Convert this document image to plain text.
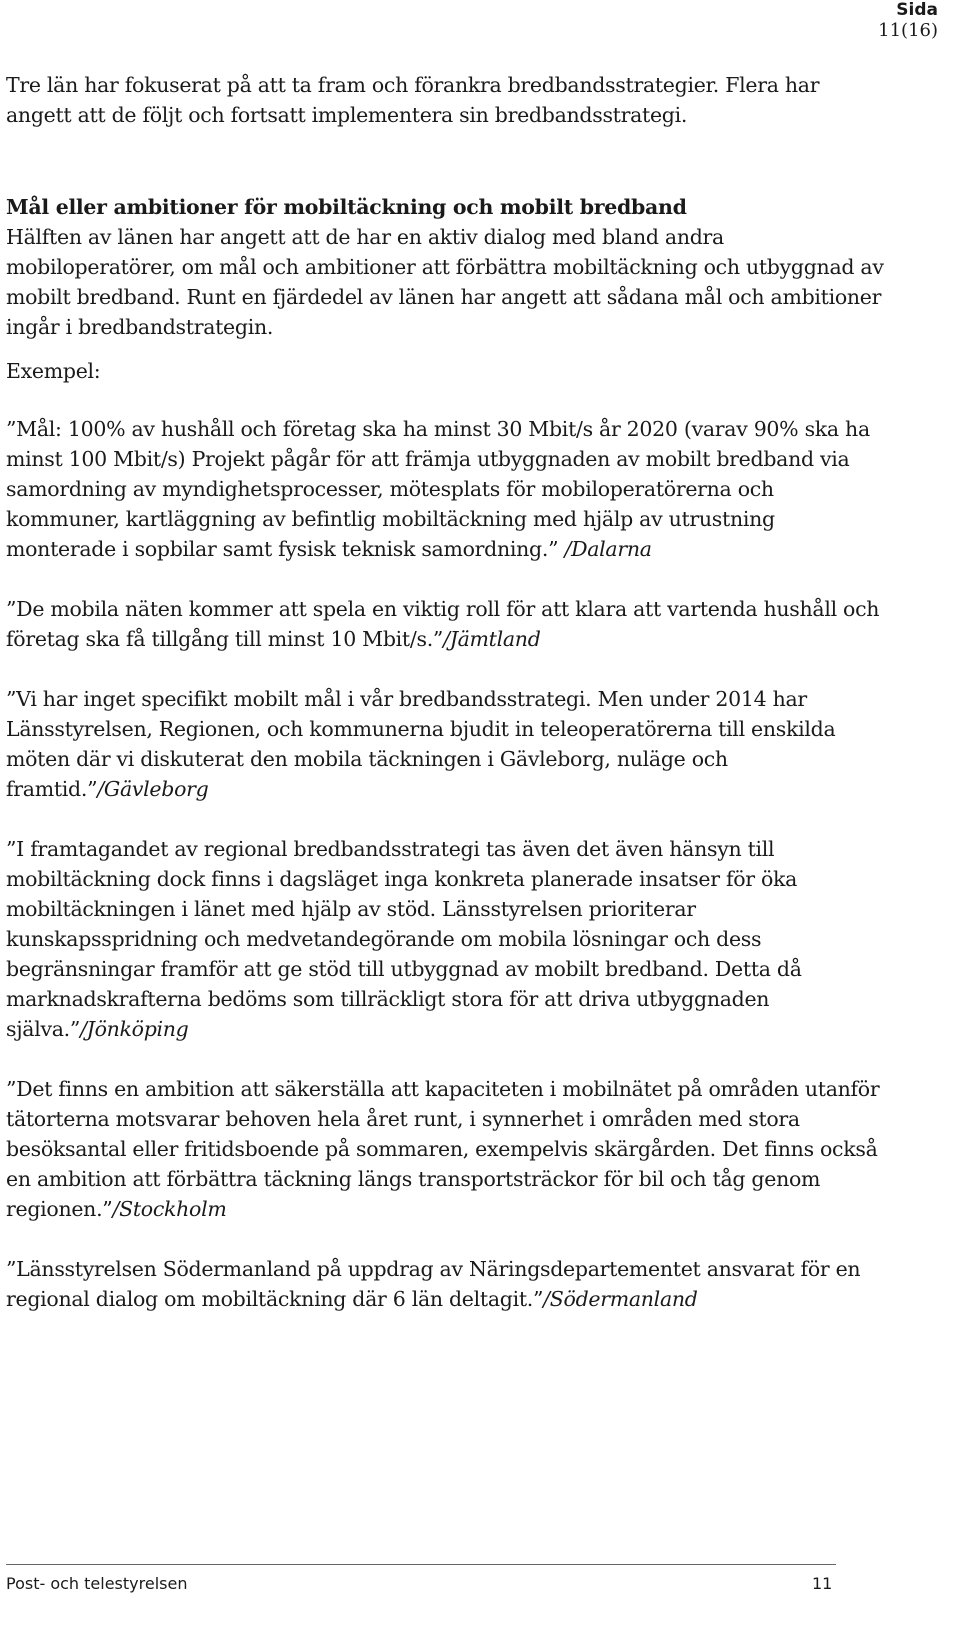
Sida
11(16)

Tre län har fokuserat på att ta fram och förankra bredbandsstrategier. Flera har angett att de följt och fortsatt implementera sin bredbandsstrategi.

Mål eller ambitioner för mobiltäckning och mobilt bredband

Hälften av länen har angett att de har en aktiv dialog med bland andra mobiloperatörer, om mål och ambitioner att förbättra mobiltäckning och utbyggnad av mobilt bredband. Runt en fjärdedel av länen har angett att sådana mål och ambitioner ingår i bredbandstrategin.

Exempel:

”Mål: 100% av hushåll och företag ska ha minst 30 Mbit/s år 2020 (varav 90% ska ha minst 100 Mbit/s) Projekt pågår för att främja utbyggnaden av mobilt bredband via samordning av myndighetsprocesser, mötesplats för mobiloperatörerna och kommuner, kartläggning av befintlig mobiltäckning med hjälp av utrustning monterade i sopbilar samt fysisk teknisk samordning.” /Dalarna

”De mobila näten kommer att spela en viktig roll för att klara att vartenda hushåll och företag ska få tillgång till minst 10 Mbit/s.”/Jämtland

”Vi har inget specifikt mobilt mål i vår bredbandsstrategi. Men under 2014 har Länsstyrelsen, Regionen, och kommunerna bjudit in teleoperatörerna till enskilda möten där vi diskuterat den mobila täckningen i Gävleborg, nuläge och framtid.”/Gävleborg

”I framtagandet av regional bredbandsstrategi tas även det även hänsyn till mobiltäckning dock finns i dagsläget inga konkreta planerade insatser för öka mobiltäckningen i länet med hjälp av stöd. Länsstyrelsen prioriterar kunskapsspridning och medvetandegörande om mobila lösningar och dess begränsningar framför att ge stöd till utbyggnad av mobilt bredband. Detta då marknadskrafterna bedöms som tillräckligt stora för att driva utbyggnaden själva.”/Jönköping

”Det finns en ambition att säkerställa att kapaciteten i mobilnätet på områden utanför tätorterna motsvarar behoven hela året runt, i synnerhet i områden med stora besöksantal eller fritidsboende på sommaren, exempelvis skärgården. Det finns också en ambition att förbättra täckning längs transportsträckor för bil och tåg genom regionen.”/Stockholm

”Länsstyrelsen Södermanland på uppdrag av Näringsdepartementet ansvarat för en regional dialog om mobiltäckning där 6 län deltagit.”/Södermanland

Post- och telestyrelsen	11
